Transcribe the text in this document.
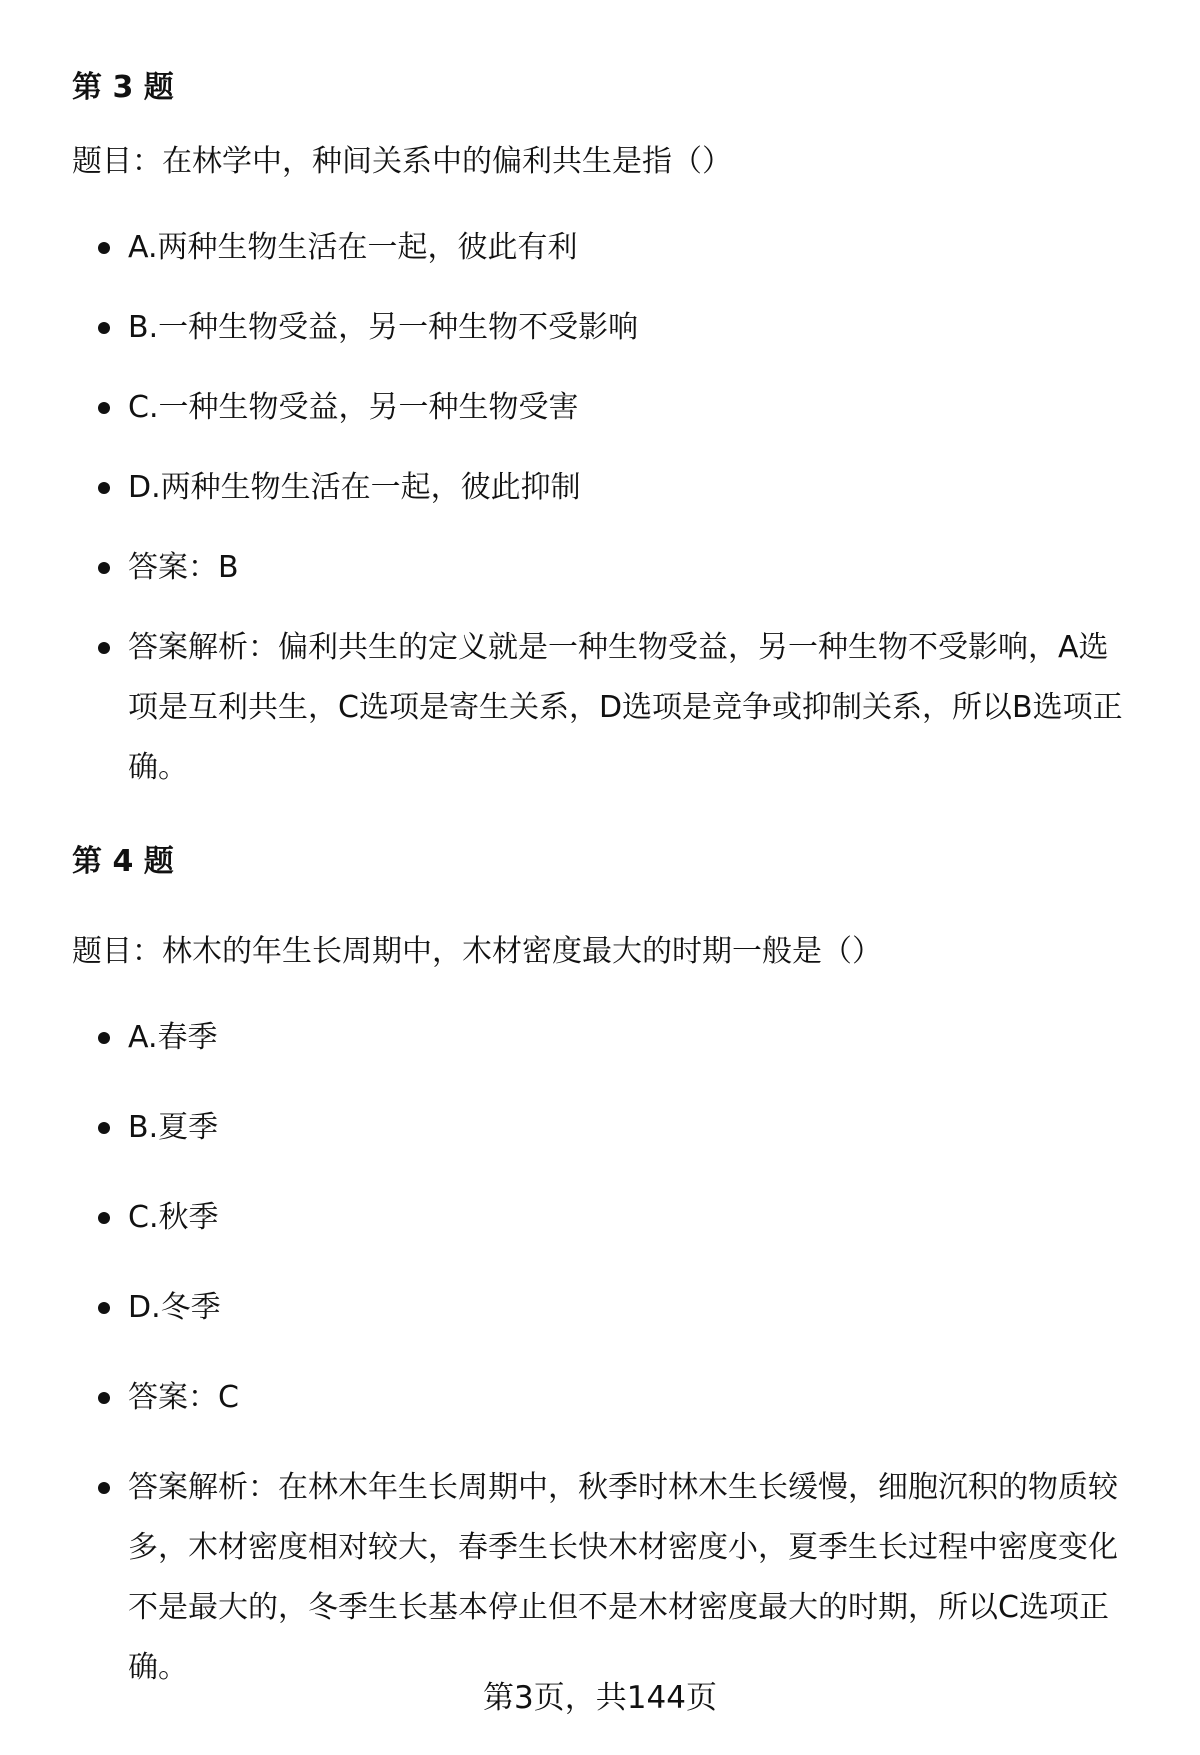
第 3 题

题目：在林学中，种间关系中的偏利共生是指（）

A.两种生物生活在一起，彼此有利
B.一种生物受益，另一种生物不受影响
C.一种生物受益，另一种生物受害
D.两种生物生活在一起，彼此抑制
答案：B
答案解析：偏利共生的定义就是一种生物受益，另一种生物不受影响，A选项是互利共生，C选项是寄生关系，D选项是竞争或抑制关系，所以B选项正确。
第 4 题

题目：林木的年生长周期中，木材密度最大的时期一般是（）

A.春季
B.夏季
C.秋季
D.冬季
答案：C
答案解析：在林木年生长周期中，秋季时林木生长缓慢，细胞沉积的物质较多，木材密度相对较大，春季生长快木材密度小，夏季生长过程中密度变化不是最大的，冬季生长基本停止但不是木材密度最大的时期，所以C选项正确。
第3页，共144页
